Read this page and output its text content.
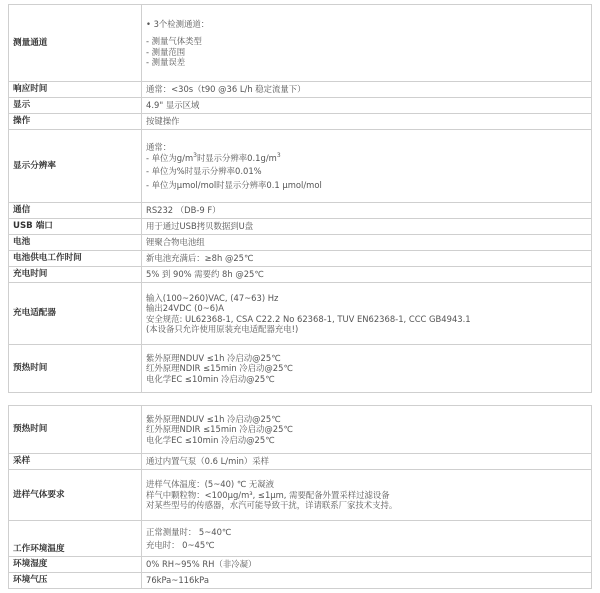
测量通道	• 3个检测通道：
- 测量气体类型
- 测量范围
- 测量误差

响应时间	通常：<30s（t90 @36 L/h 稳定流量下）
显示	4.9" 显示区域
操作	按键操作
显示分辨率	通常：
- 单位为$g/m^3$时显示分辨率$0.1g/m^3$
- 单位为%时显示分辨率0.01%
- 单位为μmol/mol时显示分辨率0.1 μmol/mol

通信	RS232 （DB-9 F）
USB 端口	用于通过USB拷贝数据到U盘
电池	锂聚合物电池组
电池供电工作时间	新电池充满后：≥8h @25℃
充电时间	5% 到 90% 需要约 8h @25℃
充电适配器	输入(100~260)VAC, (47~63) Hz
输出24VDC (0~6)A
安全规范: UL62368-1, CSA C22.2 No 62368-1, TUV EN62368-1, CCC GB4943.1
(本设备只允许使用原装充电适配器充电!)

预热时间	紫外原理NDUV ≤1h 冷启动@25℃
红外原理NDIR ≤15min 冷启动@25℃
电化学EC ≤10min 冷启动@25℃

预热时间	紫外原理NDUV ≤1h 冷启动@25℃
红外原理NDIR ≤15min 冷启动@25℃
电化学EC ≤10min 冷启动@25℃

采样	通过内置气泵（0.6 L/min）采样
进样气体要求	进样气体温度：(5~40) ℃ 无凝液
样气中颗粒物：<100μg/m³, ≤1μm, 需要配备外置采样过滤设备
对某些型号的传感器，水汽可能导致干扰，详请联系厂家技术支持。

工作环境温度	正常测量时： 5~40℃
充电时： 0~45℃

环境湿度	0% RH~95% RH（非冷凝）
环境气压	76kPa~116kPa
